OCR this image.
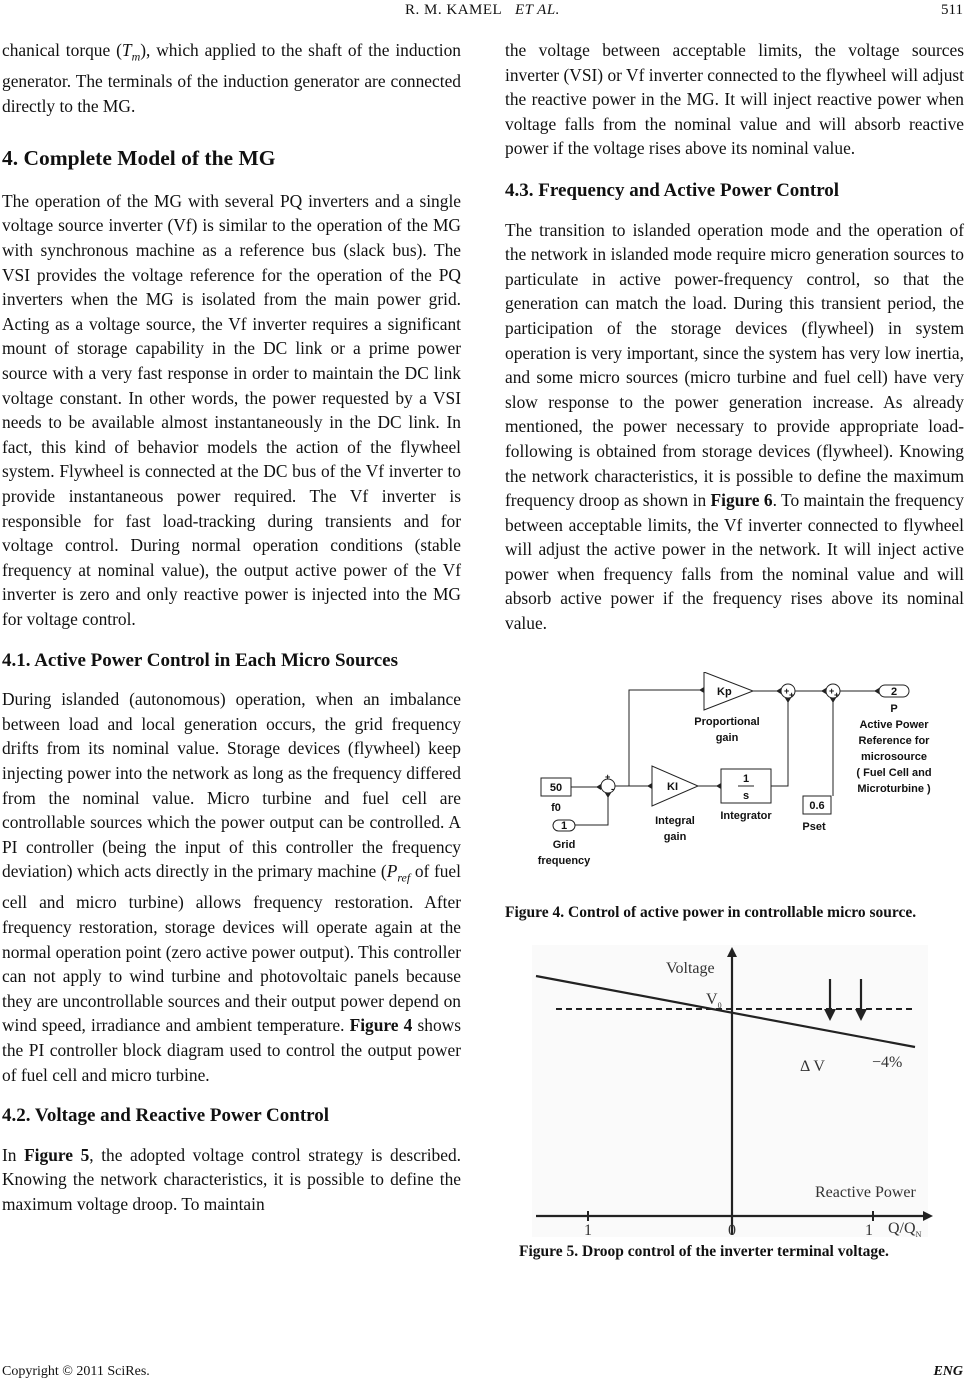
R. M. KAMEL ET AL.	511

chanical torque $(T_m)$, which applied to the shaft of the induction generator. The terminals of the induction generator are connected directly to the MG.

4. Complete Model of the MG

The operation of the MG with several PQ inverters and a single voltage source inverter (Vf) is similar to the operation of the MG with synchronous machine as a reference bus (slack bus). The VSI provides the voltage reference for the operation of the PQ inverters when the MG is isolated from the main power grid. Acting as a voltage source, the Vf inverter requires a significant mount of storage capability in the DC link or a prime power source with a very fast response in order to maintain the DC link voltage constant. In other words, the power requested by a VSI needs to be available almost instantaneously in the DC link. In fact, this kind of behavior models the action of the flywheel system. Flywheel is connected at the DC bus of the Vf inverter to provide instantaneous power required. The Vf inverter is responsible for fast load-tracking during transients and for voltage control. During normal operation conditions (stable frequency at nominal value), the output active power of the Vf inverter is zero and only reactive power is injected into the MG for voltage control.

4.1. Active Power Control in Each Micro Sources

During islanded (autonomous) operation, when an imbalance between load and local generation occurs, the grid frequency drifts from its nominal value. Storage devices (flywheel) keep injecting power into the network as long as the frequency differed from the nominal value. Micro turbine and fuel cell are controllable sources which the power output can be controlled. A PI controller (being the input of this controller the frequency deviation) which acts directly in the primary machine ($P_{ref}$ of fuel cell and micro turbine) allows frequency restoration. After frequency restoration, storage devices will operate again at the normal operation point (zero active power output). This controller can not apply to wind turbine and photovoltaic panels because they are uncontrollable sources and their output power depend on wind speed, irradiance and ambient temperature. Figure 4 shows the PI controller block diagram used to control the output power of fuel cell and micro turbine.

4.2. Voltage and Reactive Power Control

In Figure 5, the adopted voltage control strategy is described. Knowing the network characteristics, it is possible to define the maximum voltage droop. To maintain

the voltage between acceptable limits, the voltage sources inverter (VSI) or Vf inverter connected to the flywheel will adjust the reactive power in the MG. It will inject reactive power when voltage falls from the nominal value and will absorb reactive power if the voltage rises above its nominal value.

4.3. Frequency and Active Power Control

The transition to islanded operation mode and the operation of the network in islanded mode require micro generation sources to particulate in active power-frequency control, so that the generation can match the load. During this transient period, the participation of the storage devices (flywheel) in system operation is very important, since the system has very low inertia, and some micro sources (micro turbine and fuel cell) have very slow response to the power generation increase. As already mentioned, the power necessary to provide appropriate load-following is obtained from storage devices (flywheel). Knowing the network characteristics, it is possible to define the maximum frequency droop as shown in Figure 6. To maintain the frequency between acceptable limits, the Vf inverter connected to flywheel will adjust the active power in the network. It will inject active power when frequency falls from the nominal value and will absorb active power if the frequency rises above its nominal value.

50
f0
1
Grid
frequency
+
-	KI
Integral
gain
Kp
Proportional
gain
1
s
Integrator
+ +	+ +
0.6
Pset
2
P
Active Power
Reference for
microsource
( Fuel Cell and
Microturbine )
Figure 4. Control of active power in controllable micro source.
Voltage
$V_0$
Δ V	−4%
Reactive Power
1	0	1 $Q/Q_N$
Figure 5. Droop control of the inverter terminal voltage.
Copyright © 2011 SciRes.	ENG
